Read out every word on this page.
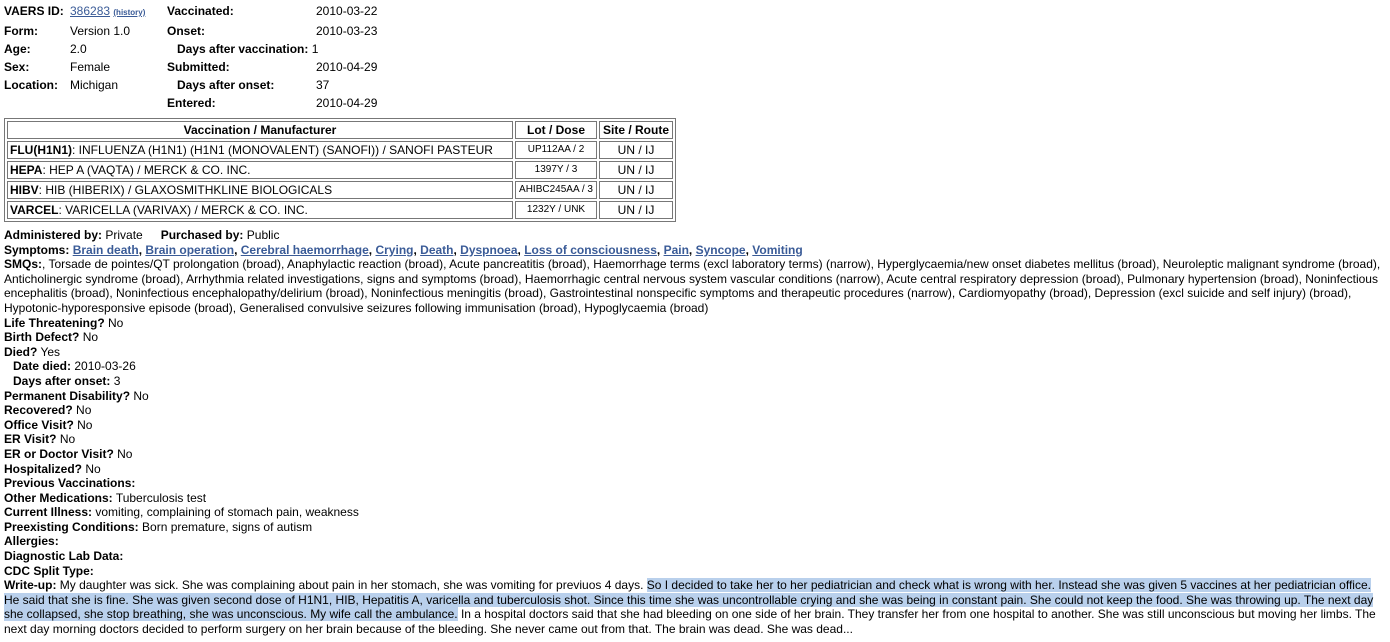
VAERS ID:	386283 (history)	Vaccinated:	2010-03-22
Form:	Version 1.0	Onset:	2010-03-23
Age:	2.0	Days after vaccination: 1	
Sex:	Female	Submitted:	2010-04-29
Location:	Michigan	Days after onset:	37
		Entered:	2010-04-29
Vaccination / Manufacturer	Lot / Dose	Site / Route
FLU(H1N1): INFLUENZA (H1N1) (H1N1 (MONOVALENT) (SANOFI)) / SANOFI PASTEUR	UP112AA / 2	UN / IJ
HEPA: HEP A (VAQTA) / MERCK & CO. INC.	1397Y / 3	UN / IJ
HIBV: HIB (HIBERIX) / GLAXOSMITHKLINE BIOLOGICALS	AHIBC245AA / 3	UN / IJ
VARCEL: VARICELLA (VARIVAX) / MERCK & CO. INC.	1232Y / UNK	UN / IJ

Administered by: Private Purchased by: Public

Symptoms: Brain death, Brain operation, Cerebral haemorrhage, Crying, Death, Dyspnoea, Loss of consciousness, Pain, Syncope, Vomiting

SMQs:, Torsade de pointes/QT prolongation (broad), Anaphylactic reaction (broad), Acute pancreatitis (broad), Haemorrhage terms (excl laboratory terms) (narrow), Hyperglycaemia/new onset diabetes mellitus (broad), Neuroleptic malignant syndrome (broad), Anticholinergic syndrome (broad), Arrhythmia related investigations, signs and symptoms (broad), Haemorrhagic central nervous system vascular conditions (narrow), Acute central respiratory depression (broad), Pulmonary hypertension (broad), Noninfectious encephalitis (broad), Noninfectious encephalopathy/delirium (broad), Noninfectious meningitis (broad), Gastrointestinal nonspecific symptoms and therapeutic procedures (narrow), Cardiomyopathy (broad), Depression (excl suicide and self injury) (broad), Hypotonic-hyporesponsive episode (broad), Generalised convulsive seizures following immunisation (broad), Hypoglycaemia (broad)

Life Threatening? No

Birth Defect? No

Died? Yes

Date died: 2010-03-26

Days after onset: 3

Permanent Disability? No

Recovered? No

Office Visit? No

ER Visit? No

ER or Doctor Visit? No

Hospitalized? No

Previous Vaccinations:

Other Medications: Tuberculosis test

Current Illness: vomiting, complaining of stomach pain, weakness

Preexisting Conditions: Born premature, signs of autism

Allergies:

Diagnostic Lab Data:

CDC Split Type:

Write-up: My daughter was sick. She was complaining about pain in her stomach, she was vomiting for previuos 4 days. So I decided to take her to her pediatrician and check what is wrong with her. Instead she was given 5 vaccines at her pediatrician office. He said that she is fine. She was given second dose of H1N1, HIB, Hepatitis A, varicella and tuberculosis shot. Since this time she was uncontrollable crying and she was being in constant pain. She could not keep the food. She was throwing up. The next day she collapsed, she stop breathing, she was unconscious. My wife call the ambulance. In a hospital doctors said that she had bleeding on one side of her brain. They transfer her from one hospital to another. She was still unconscious but moving her limbs. The next day morning doctors decided to perform surgery on her brain because of the bleeding. She never came out from that. The brain was dead. She was dead...
